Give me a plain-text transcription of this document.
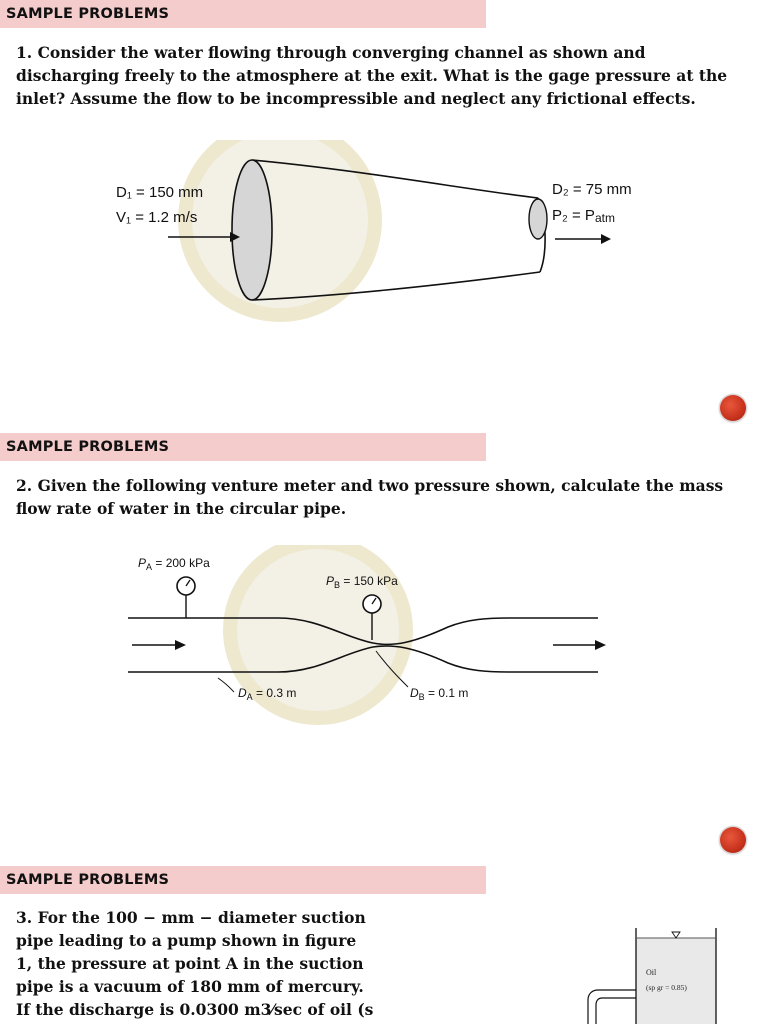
SAMPLE PROBLEMS

1. Consider the water flowing through converging channel as shown and discharging freely to the atmosphere at the exit. What is the gage pressure at the inlet? Assume the flow to be incompressible and neglect any frictional effects.

D₁ = 150 mm
V₁ = 1.2 m/s
D₂ = 75 mm
P₂ = Patm
SAMPLE PROBLEMS

2. Given the following venture meter and two pressure shown, calculate the mass flow rate of water in the circular pipe.

$P_A = 200$ kPa
$P_B = 150$ kPa
$D_A = 0.3$ m	$D_B = 0.1$ m
SAMPLE PROBLEMS

3. For the 100 − mm − diameter suction pipe leading to a pump shown in figure 1, the pressure at point A in the suction pipe is a vacuum of 180 mm of mercury. If the discharge is 0.0300 m3⁄sec of oil (s

Oil
(sp gr = 0.85)
